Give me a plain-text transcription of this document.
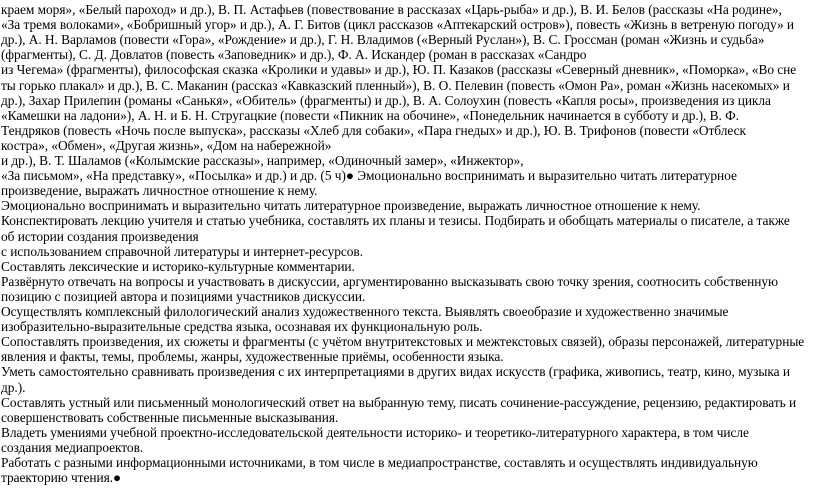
краем моря», «Белый пароход» и др.), В. П. Астафьев (повествование в рассказах «Царь-рыба» и др.), В. И. Белов (рассказы «На родине»,

«За тремя волоками», «Бобришный угор» и др.), А. Г. Битов (цикл рассказов «Аптекарский остров»), повесть «Жизнь в ветреную погоду» и

др.), А. Н. Варламов (повести «Гора», «Рождение» и др.), Г. Н. Владимов («Верный Руслан»), В. С. Гроссман (роман «Жизнь и судьба»

(фрагменты), С. Д. Довлатов (повесть «Заповедник» и др.), Ф. А. Искандер (роман в рассказах «Сандро

из Чегема» (фрагменты), философская сказка «Кролики и удавы» и др.), Ю. П. Казаков (рассказы «Северный дневник», «Поморка», «Во сне

ты горько плакал» и др.), В. С. Маканин (рассказ «Кавказский пленный»), В. О. Пелевин (повесть «Омон Ра», роман «Жизнь насекомых» и

др.), Захар Прилепин (романы «Санькя», «Обитель» (фрагменты) и др.), В. А. Солоухин (повесть «Капля росы», произведения из цикла

«Камешки на ладони»), А. Н. и Б. Н. Стругацкие (повести «Пикник на обочине», «Понедельник начинается в субботу и др.), В. Ф.

Тендряков (повесть «Ночь после выпуска», рассказы «Хлеб для собаки», «Пара гнедых» и др.), Ю. В. Трифонов (повести «Отблеск

костра», «Обмен», «Другая жизнь», «Дом на набережной»

и др.), В. Т. Шаламов («Колымские рассказы», например, «Одиночный замер», «Инжектор»,

«За письмом», «На представку», «Посылка» и др.) и др. (5 ч)● Эмоционально воспринимать и выразительно читать литературное

произведение, выражать личностное отношение к нему.

Эмоционально воспринимать и выразительно читать литературное произведение, выражать личностное отношение к нему.

Конспектировать лекцию учителя и статью учебника, составлять их планы и тезисы. Подбирать и обобщать материалы о писателе, а также

об истории создания произведения

с использованием справочной литературы и интернет-ресурсов.

Составлять лексические и историко-культурные комментарии.

Развёрнуто отвечать на вопросы и участвовать в дискуссии, аргументированно высказывать свою точку зрения, соотносить собственную

позицию с позицией автора и позициями участников дискуссии.

Осуществлять комплексный филологический анализ художественного текста. Выявлять своеобразие и художественно значимые

изобразительно-выразительные средства языка, осознавая их функциональную роль.

Сопоставлять произведения, их сюжеты и фрагменты (с учётом внутритекстовых и межтекстовых связей), образы персонажей, литературные

явления и факты, темы, проблемы, жанры, художественные приёмы, особенности языка.

Уметь самостоятельно сравнивать произведения с их интерпретациями в других видах искусств (графика, живопись, театр, кино, музыка и

др.).

Составлять устный или письменный монологический ответ на выбранную тему, писать сочинение-рассуждение, рецензию, редактировать и

совершенствовать собственные письменные высказывания.

Владеть умениями учебной проектно-исследовательской деятельности историко- и теоретико-литературного характера, в том числе

создания медиапроектов.

Работать с разными информационными источниками, в том числе в медиапространстве, составлять и осуществлять индивидуальную

траекторию чтения.●
